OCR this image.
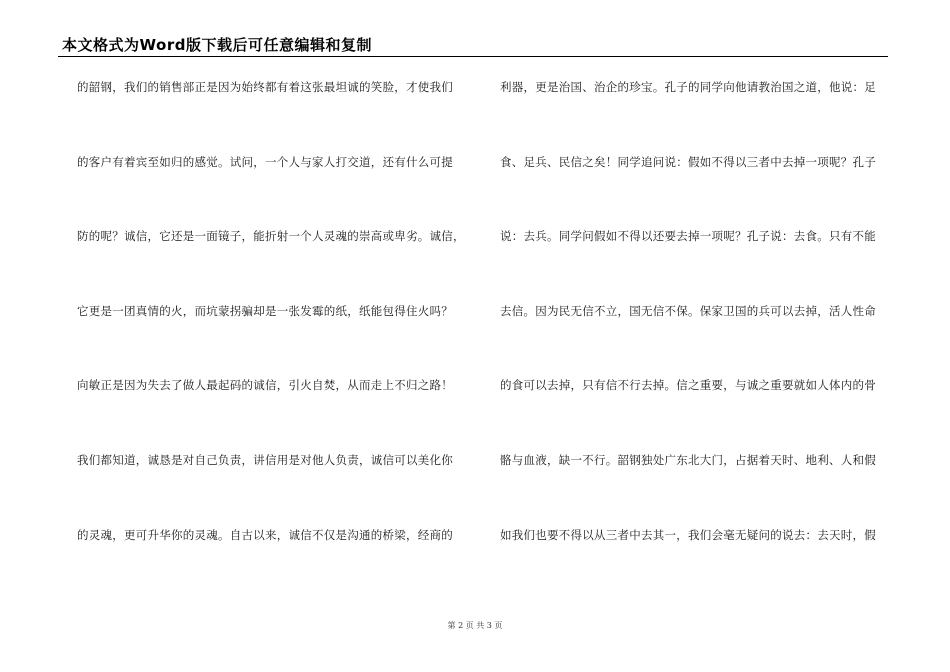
本文格式为Word版下载后可任意编辑和复制
的韶钢，我们的销售部正是因为始终都有着这张最坦诚的笑脸，才使我们
的客户有着宾至如归的感觉。试问，一个人与家人打交道，还有什么可提
防的呢？诚信，它还是一面镜子，能折射一个人灵魂的崇高或卑劣。诚信，
它更是一团真情的火，而坑蒙拐骗却是一张发霉的纸，纸能包得住火吗？
向敏正是因为失去了做人最起码的诚信，引火自焚，从而走上不归之路！
我们都知道，诚恳是对自己负责，讲信用是对他人负责，诚信可以美化你
的灵魂，更可升华你的灵魂。自古以来，诚信不仅是沟通的桥梁，经商的
利器，更是治国、治企的珍宝。孔子的同学向他请教治国之道，他说：足
食、足兵、民信之矣！同学追问说：假如不得以三者中去掉一项呢？孔子
说：去兵。同学问假如不得以还要去掉一项呢？孔子说：去食。只有不能
去信。因为民无信不立，国无信不保。保家卫国的兵可以去掉，活人性命
的食可以去掉，只有信不行去掉。信之重要，与诚之重要就如人体内的骨
骼与血液，缺一不行。韶钢独处广东北大门，占据着天时、地利、人和假
如我们也要不得以从三者中去其一，我们会毫无疑问的说去：去天时，假
第 2 页 共 3 页
